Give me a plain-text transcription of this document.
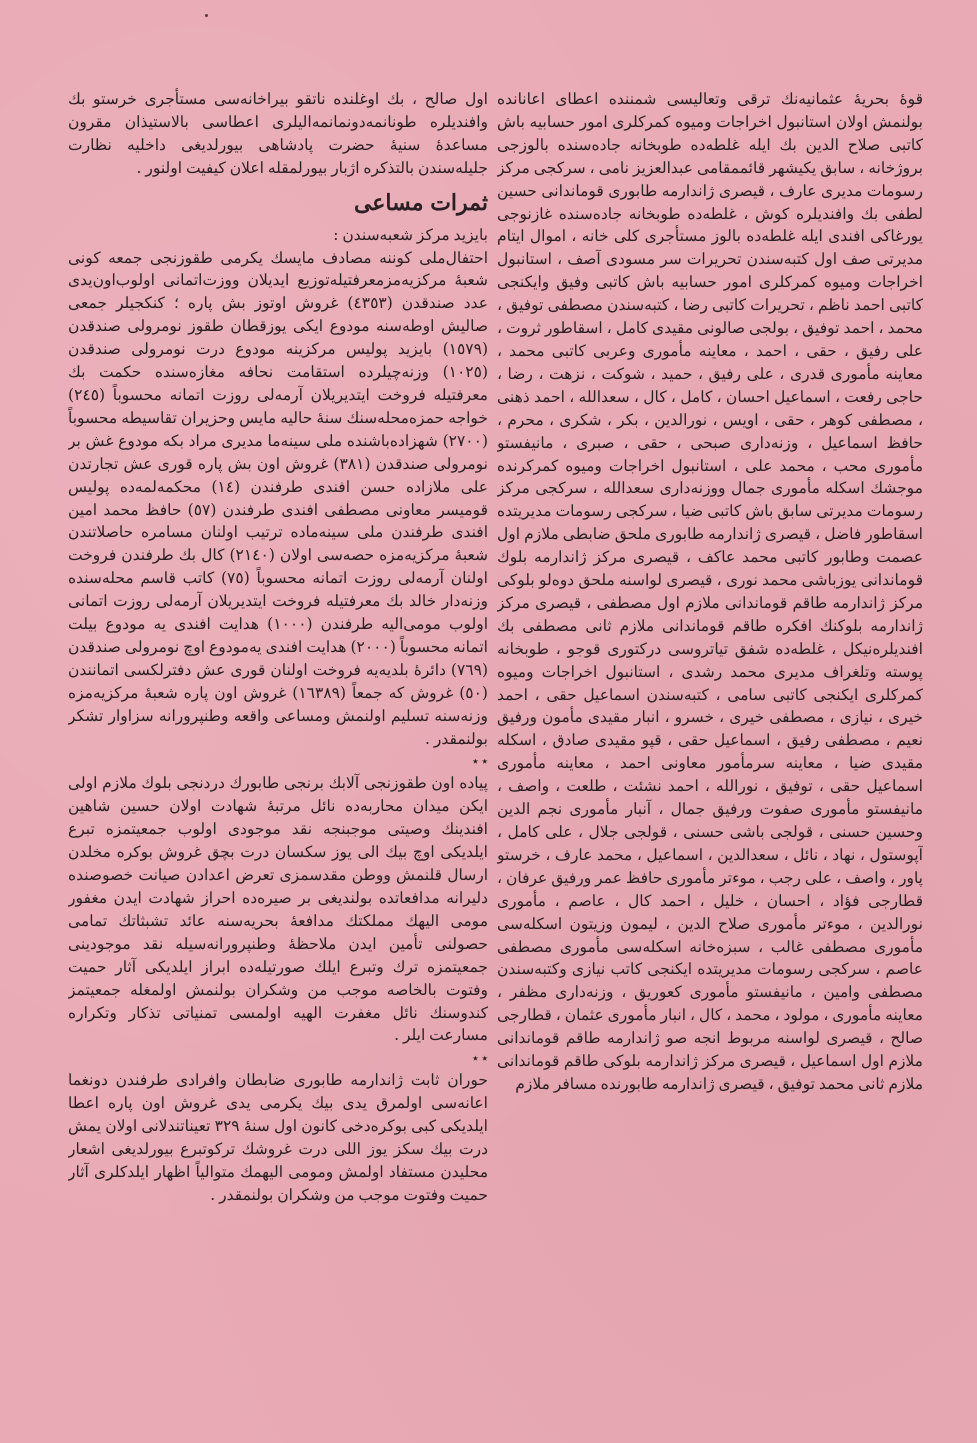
قوهٔ بحریهٔ عثمانیه‌نك ترقی وتعالیسی شمننده اعطای اعانانده بولنمش اولان استانبول اخراجات ومیوه کمرکلری امور حسابیه باش کاتبی صلاح الدین بك ایله غلطه‌ده طوبخانه جاده‌سنده بالوزجی بروژخانه ، سابق یکیشهر قائممقامی عبدالعزیز نامی ، سرکجی مرکز رسومات مدیری عارف ، قیصری ژاندارمه طابوری قوماندانی حسین لطفی بك وافندیلره کوش ، غلطه‌ده طوبخانه جاده‌سنده غازنوجی یورغاکی افندی ایله غلطه‌ده بالوز مستأجری کلی خانه ، اموال ایتام مدیرتی صف اول کتبه‌سندن تحریرات سر مسودی آصف ، استانبول اخراجات ومیوه کمرکلری امور حسابیه باش کاتبی وفیق وایکنجی کاتبی احمد ناظم ، تحریرات کاتبی رضا ، کتبه‌سندن مصطفی توفیق ، محمد ، احمد توفیق ، بولجی صالونی مقیدی کامل ، اسقاطور ثروت ، علی رفیق ، حقی ، احمد ، معاینه مأموری وعربی کاتبی محمد ، معاینه مأموری قدری ، علی رفیق ، حمید ، شوکت ، نزهت ، رضا ، حاجی رفعت ، اسماعیل احسان ، کامل ، کال ، سعدالله ، احمد ذهنی ، مصطفی کوهر ، حقی ، اویس ، نورالدین ، بکر ، شکری ، محرم ، حافظ اسماعیل ، وزنه‌داری صبحی ، حقی ، صبری ، مانیفستو مأموری محب ، محمد علی ، استانبول اخراجات ومیوه کمرکرنده موجشك اسکله مأموری جمال ووزنه‌داری سعدالله ، سرکجی مرکز رسومات مدیرتی سابق باش کاتبی ضیا ، سرکجی رسومات مدیریتده اسقاطور فاضل ، قیصری ژاندارمه طابوری ملحق ضابطی ملازم اول عصمت وطابور کاتبی محمد عاکف ، قیصری مرکز ژاندارمه بلوك قوماندانی یوزباشی محمد نوری ، قیصری لواسنه ملحق دوه‌لو بلوکی مرکز ژاندارمه طاقم قوماندانی ملازم اول مصطفی ، قیصری مرکز ژاندارمه بلوکنك افکره طاقم قوماندانی ملازم ثانی مصطفی بك افندیلره‌نیکل ، غلطه‌ده شفق تیاتروسی درکتوری قوجو ، طوبخانه پوسته وتلغراف مدیری محمد رشدی ، استانبول اخراجات ومیوه کمرکلری ایکنجی کاتبی سامی ، کتبه‌سندن اسماعیل حقی ، احمد خیری ، نیازی ، مصطفی خیری ، خسرو ، انبار مقیدی مأمون ورفیق نعیم ، مصطفی رفیق ، اسماعیل حقی ، قپو مقیدی صادق ، اسکله مقیدی ضیا ، معاینه سرمأمور معاونی احمد ، معاینه مأموری اسماعیل حقی ، توفیق ، نورالله ، احمد نشئت ، طلعت ، واصف ، مانیفستو مأموری صفوت ورفیق جمال ، آنبار مأموری نجم الدین وحسین حسنی ، قولجی باشی حسنی ، قولجی جلال ، علی کامل ، آپوستول ، نهاد ، نائل ، سعدالدین ، اسماعیل ، محمد عارف ، خرستو پاور ، واصف ، علی رجب ، موءتر مأموری حافظ عمر ورفیق عرفان ، قطارجی فؤاد ، احسان ، خلیل ، احمد کال ، عاصم ، مأموری نورالدین ، موءتر مأموری صلاح الدین ، لیمون وزیتون اسکله‌سی مأموری مصطفی غالب ، سبزه‌خانه اسکله‌سی مأموری مصطفی عاصم ، سرکجی رسومات مدیریتده ایکنجی کاتب نیازی وکتبه‌سندن مصطفی وامین ، مانیفستو مأموری کعوریق ، وزنه‌داری مظفر ، معاینه مأموری ، مولود ، محمد ، کال ، انبار مأموری عثمان ، قطارجی صالح ، قیصری لواسنه مربوط انجه صو ژاندارمه طاقم قوماندانی ملازم اول اسماعیل ، قیصری مرکز ژاندارمه بلوکی طاقم قوماندانی ملازم ثانی محمد توفیق ، قیصری ژاندارمه طابورنده مسافر ملازم

اول صالح ، بك اوغلنده ناتقو بیراخانه‌سی مستأجری خرستو بك وافندیلره طونانمه‌دونمانمه‌الیلری اعطاسی بالاستیذان مقرون مساعدهٔ سنیهٔ حضرت پادشاهی بیورلدیغی داخلیه نظارت جلیله‌سندن بالتذکره اژبار بیورلمقله اعلان کیفیت اولنور .

ثمرات مساعی

بایزید مرکز شعبه‌سندن :

احتفال‌ملی کوننه مصادف مایسك یکرمی طقوزنجی جمعه کونی شعبهٔ مرکزیه‌مزمعرفتیله‌توزیع ایدیلان ووزت‌اتمانی اولوب‌اون‌یدی عدد صندقدن (٤٣٥٣) غروش اوتوز بش پاره ؛ کنکجیلر جمعی صالیش اوطه‌سنه مودوع ایکی یوزقطان طقوز نومرولی صندقدن (١٥٧٩) بایزید پولیس مرکزینه مودوع درت نومرولی صندقدن (١٠٢٥) وزنه‌چیلرده استقامت نحافه مغازه‌سنده حکمت بك معرفتیله فروخت ایتدیریلان آرمه‌لی روزت اتمانه محسوباً (٢٤٥) خواجه حمزه‌محله‌سنك سنهٔ حالیه مایس وحزیران تقاسیطه محسوباً (٢٧٠٠) شهزاده‌باشنده ملی سینه‌ما مدیری مراد بکه مودوع غش بر نومرولی صندقدن (٣٨١) غروش اون بش پاره قوری عش تجارتدن علی ملازاده حسن افندی طرفندن (١٤) محکمه‌لمه‌ده پولیس قومیسر معاونی مصطفی افندی طرفندن (٥٧) حافظ محمد امین افندی طرفندن ملی سینه‌ماده ترتیب اولنان مسامره حاصلاتندن شعبهٔ مرکزیه‌مزه حصه‌سی اولان (٢١٤٠) کال بك طرفندن فروخت اولنان آرمه‌لی روزت اتمانه محسوباً (٧٥) کاتب قاسم محله‌سنده وزنه‌دار خالد بك معرفتیله فروخت ایتدیریلان آرمه‌لی روزت اتمانی اولوب مومی‌الیه طرفندن (١٠٠٠) هدایت افندی یه مودوع بیلت اتمانه محسوباً (٢٠٠٠) هدایت افندی یه‌مودوع اوچ نومرولی صندقدن (٧٦٩) دائرهٔ بلدیه‌یه فروخت اولنان قوری عش دفترلکسی اتمانندن (٥٠) غروش که جمعاً (١٦٣٨٩) غروش اون پاره شعبهٔ مرکزیه‌مزه وزنه‌سنه تسلیم اولنمش ومساعی واقعه وطنپرورانه سزاوار تشکر بولنمقدر .

٭ ٭

پیاده اون طقوزنجی آلابك برنجی طابورك دردنجی بلوك ملازم اولی ایکن میدان محاربه‌ده نائل مرتبهٔ شهادت اولان حسین شاهین افندینك وصیتی موجبنجه نقد موجودی اولوب جمعیتمزه تبرع ایلدیکی اوچ بیك الی یوز سکسان درت بچق غروش بوکره مخلدن ارسال قلنمش ووطن مقدسمزی تعرض اعدادن صیانت خصوصنده دلیرانه مدافعاتده بولندیغی بر صیره‌ده احراز شهادت ایدن مغفور مومی الیهك مملکتك مدافعهٔ بحریه‌سنه عائد تشبثاتك تمامی حصولنی تأمین ایدن ملاحظهٔ وطنپرورانه‌سیله نقد موجودینی جمعیتمزه ترك وتبرع ایلك صورتیله‌ده ابراز ایلدیکی آثار حمیت وفتوت بالخاصه موجب من وشکران بولنمش اولمغله جمعیتمز کندوسنك نائل مغفرت الهیه اولمسی تمنیاتی تذکار وتکراره مسارعت ایلر .

٭ ٭

حوران ثابت ژاندارمه طابوری ضابطان وافرادی طرفندن دونغما اعانه‌سی اولمرق یدی بیك یکرمی یدی غروش اون پاره اعطا ایلدیکی کبی بوکره‌دخی کانون اول سنهٔ ٣٢٩ تعیناتندلانی اولان یمش درت بیك سکز یوز اللی درت غروشك ترکوتبرع بیورلدیغی اشعار محلیدن مستفاد اولمش ومومی الیهمك متوالیاً اظهار ایلدکلری آثار حمیت وفتوت موجب من وشکران بولنمقدر .
